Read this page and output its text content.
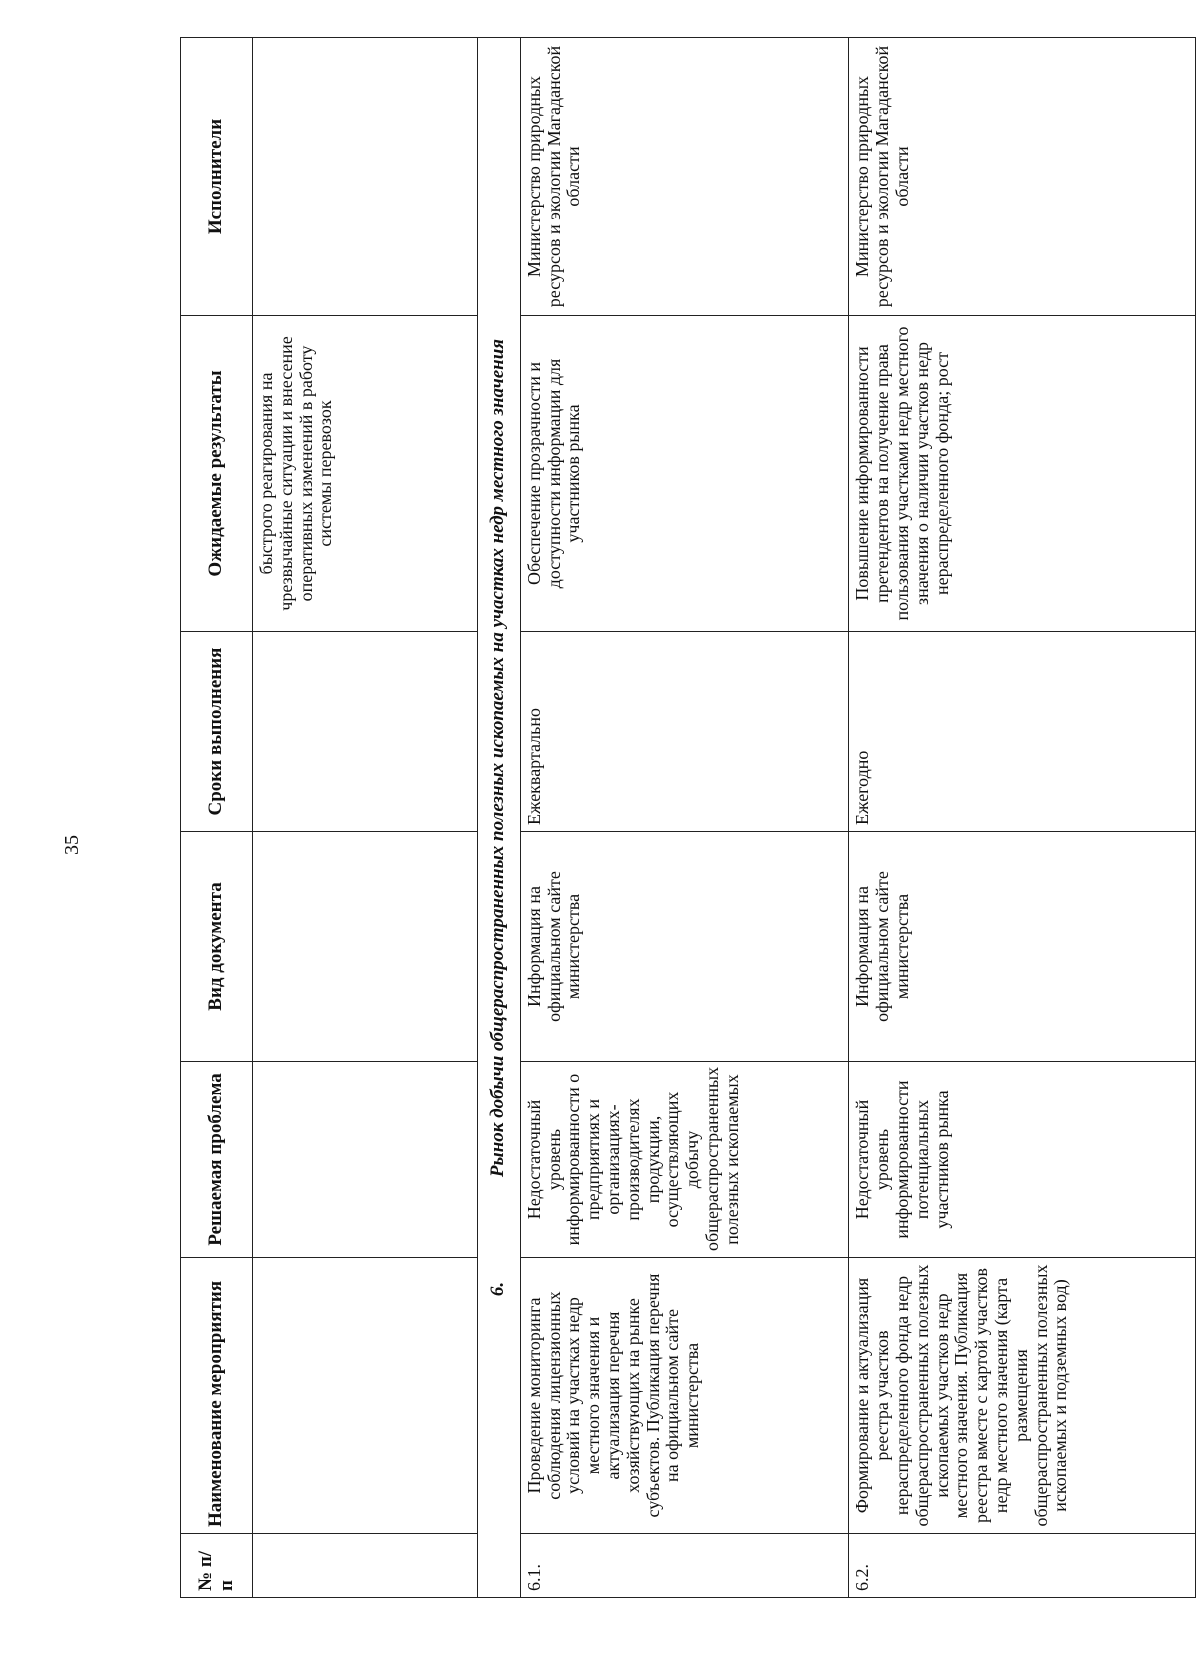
35
№ п/п	Наименование мероприятия	Решаемая проблема	Вид документа	Сроки выполнения	Ожидаемые результаты	Исполнители
					быстрого реагирования на чрезвычайные ситуации и внесение оперативных изменений в работу системы перевозок	
6. Рынок добычи общераспространенных полезных ископаемых на участках недр местного значения						
6.1.	Проведение мониторинга соблюдения лицензионных условий на участках недр местного значения и актуализация перечня хозяйствующих на рынке субъектов. Публикация перечня на официальном сайте министерства	Недостаточный уровень информированности о предприятиях и организациях-производителях продукции, осуществляющих добычу общераспространенных полезных ископаемых	Информация на официальном сайте министерства	Ежеквартально	Обеспечение прозрачности и доступности информации для участников рынка	Министерство природных ресурсов и экологии Магаданской области
6.2.	Формирование и актуализация реестра участков нераспределенного фонда недр общераспространенных полезных ископаемых участков недр местного значения. Публикация реестра вместе с картой участков недр местного значения (карта размещения общераспространенных полезных ископаемых и подземных вод)	Недостаточный уровень информированности потенциальных участников рынка	Информация на официальном сайте министерства	Ежегодно	Повышение информированности претендентов на получение права пользования участками недр местного значения о наличии участков недр нераспределенного фонда; рост	Министерство природных ресурсов и экологии Магаданской области
